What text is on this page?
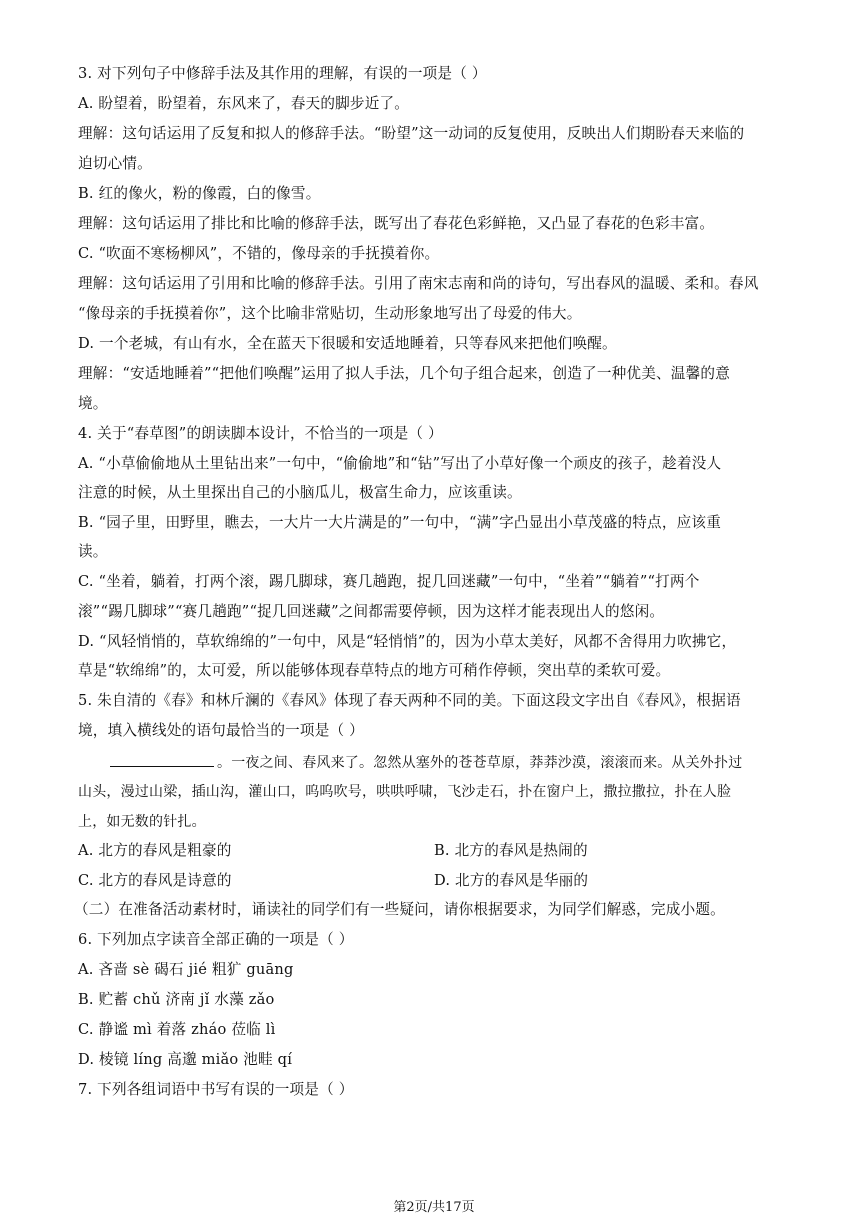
3. 对下列句子中修辞手法及其作用的理解，有误的一项是（ ）
A. 盼望着，盼望着，东风来了，春天的脚步近了。
理解：这句话运用了反复和拟人的修辞手法。“盼望”这一动词的反复使用，反映出人们期盼春天来临的
迫切心情。
B. 红的像火，粉的像霞，白的像雪。
理解：这句话运用了排比和比喻的修辞手法，既写出了春花色彩鲜艳，又凸显了春花的色彩丰富。
C. “吹面不寒杨柳风”，不错的，像母亲的手抚摸着你。
理解：这句话运用了引用和比喻的修辞手法。引用了南宋志南和尚的诗句，写出春风的温暖、柔和。春风
“像母亲的手抚摸着你”，这个比喻非常贴切，生动形象地写出了母爱的伟大。
D. 一个老城，有山有水，全在蓝天下很暖和安适地睡着，只等春风来把他们唤醒。
理解：“安适地睡着”“把他们唤醒”运用了拟人手法，几个句子组合起来，创造了一种优美、温馨的意
境。
4. 关于“春草图”的朗读脚本设计，不恰当的一项是（ ）
A. “小草偷偷地从土里钻出来”一句中，“偷偷地”和“钻”写出了小草好像一个顽皮的孩子，趁着没人
注意的时候，从土里探出自己的小脑瓜儿，极富生命力，应该重读。
B. “园子里，田野里，瞧去，一大片一大片满是的”一句中，“满”字凸显出小草茂盛的特点，应该重
读。
C. “坐着，躺着，打两个滚，踢几脚球，赛几趟跑，捉几回迷藏”一句中，“坐着”“躺着”“打两个
滚”“踢几脚球”“赛几趟跑”“捉几回迷藏”之间都需要停顿，因为这样才能表现出人的悠闲。
D. “风轻悄悄的，草软绵绵的”一句中，风是“轻悄悄”的，因为小草太美好，风都不舍得用力吹拂它，
草是“软绵绵”的，太可爱，所以能够体现春草特点的地方可稍作停顿，突出草的柔软可爱。
5. 朱自清的《春》和林斤澜的《春风》体现了春天两种不同的美。下面这段文字出自《春风》，根据语
境，填入横线处的语句最恰当的一项是（ ）
。一夜之间、春风来了。忽然从塞外的苍苍草原，莽莽沙漠，滚滚而来。从关外扑过
山头，漫过山梁，插山沟，灌山口，呜呜吹号，哄哄呼啸，飞沙走石，扑在窗户上，撒拉撒拉，扑在人脸
上，如无数的针扎。
A. 北方的春风是粗豪的	B. 北方的春风是热闹的
C. 北方的春风是诗意的	D. 北方的春风是华丽的
（二）在准备活动素材时，诵读社的同学们有一些疑问，请你根据要求，为同学们解惑，完成小题。
6. 下列加点字读音全部正确的一项是（ ）
A. 吝啬 sè 碣石 jié 粗犷 guāng
B. 贮蓄 chǔ 济南 jǐ 水藻 zǎo
C. 静谧 mì 着落 zháo 莅临 lì
D. 棱镜 líng 高邈 miǎo 池畦 qí
7. 下列各组词语中书写有误的一项是（ ）
第2页/共17页
